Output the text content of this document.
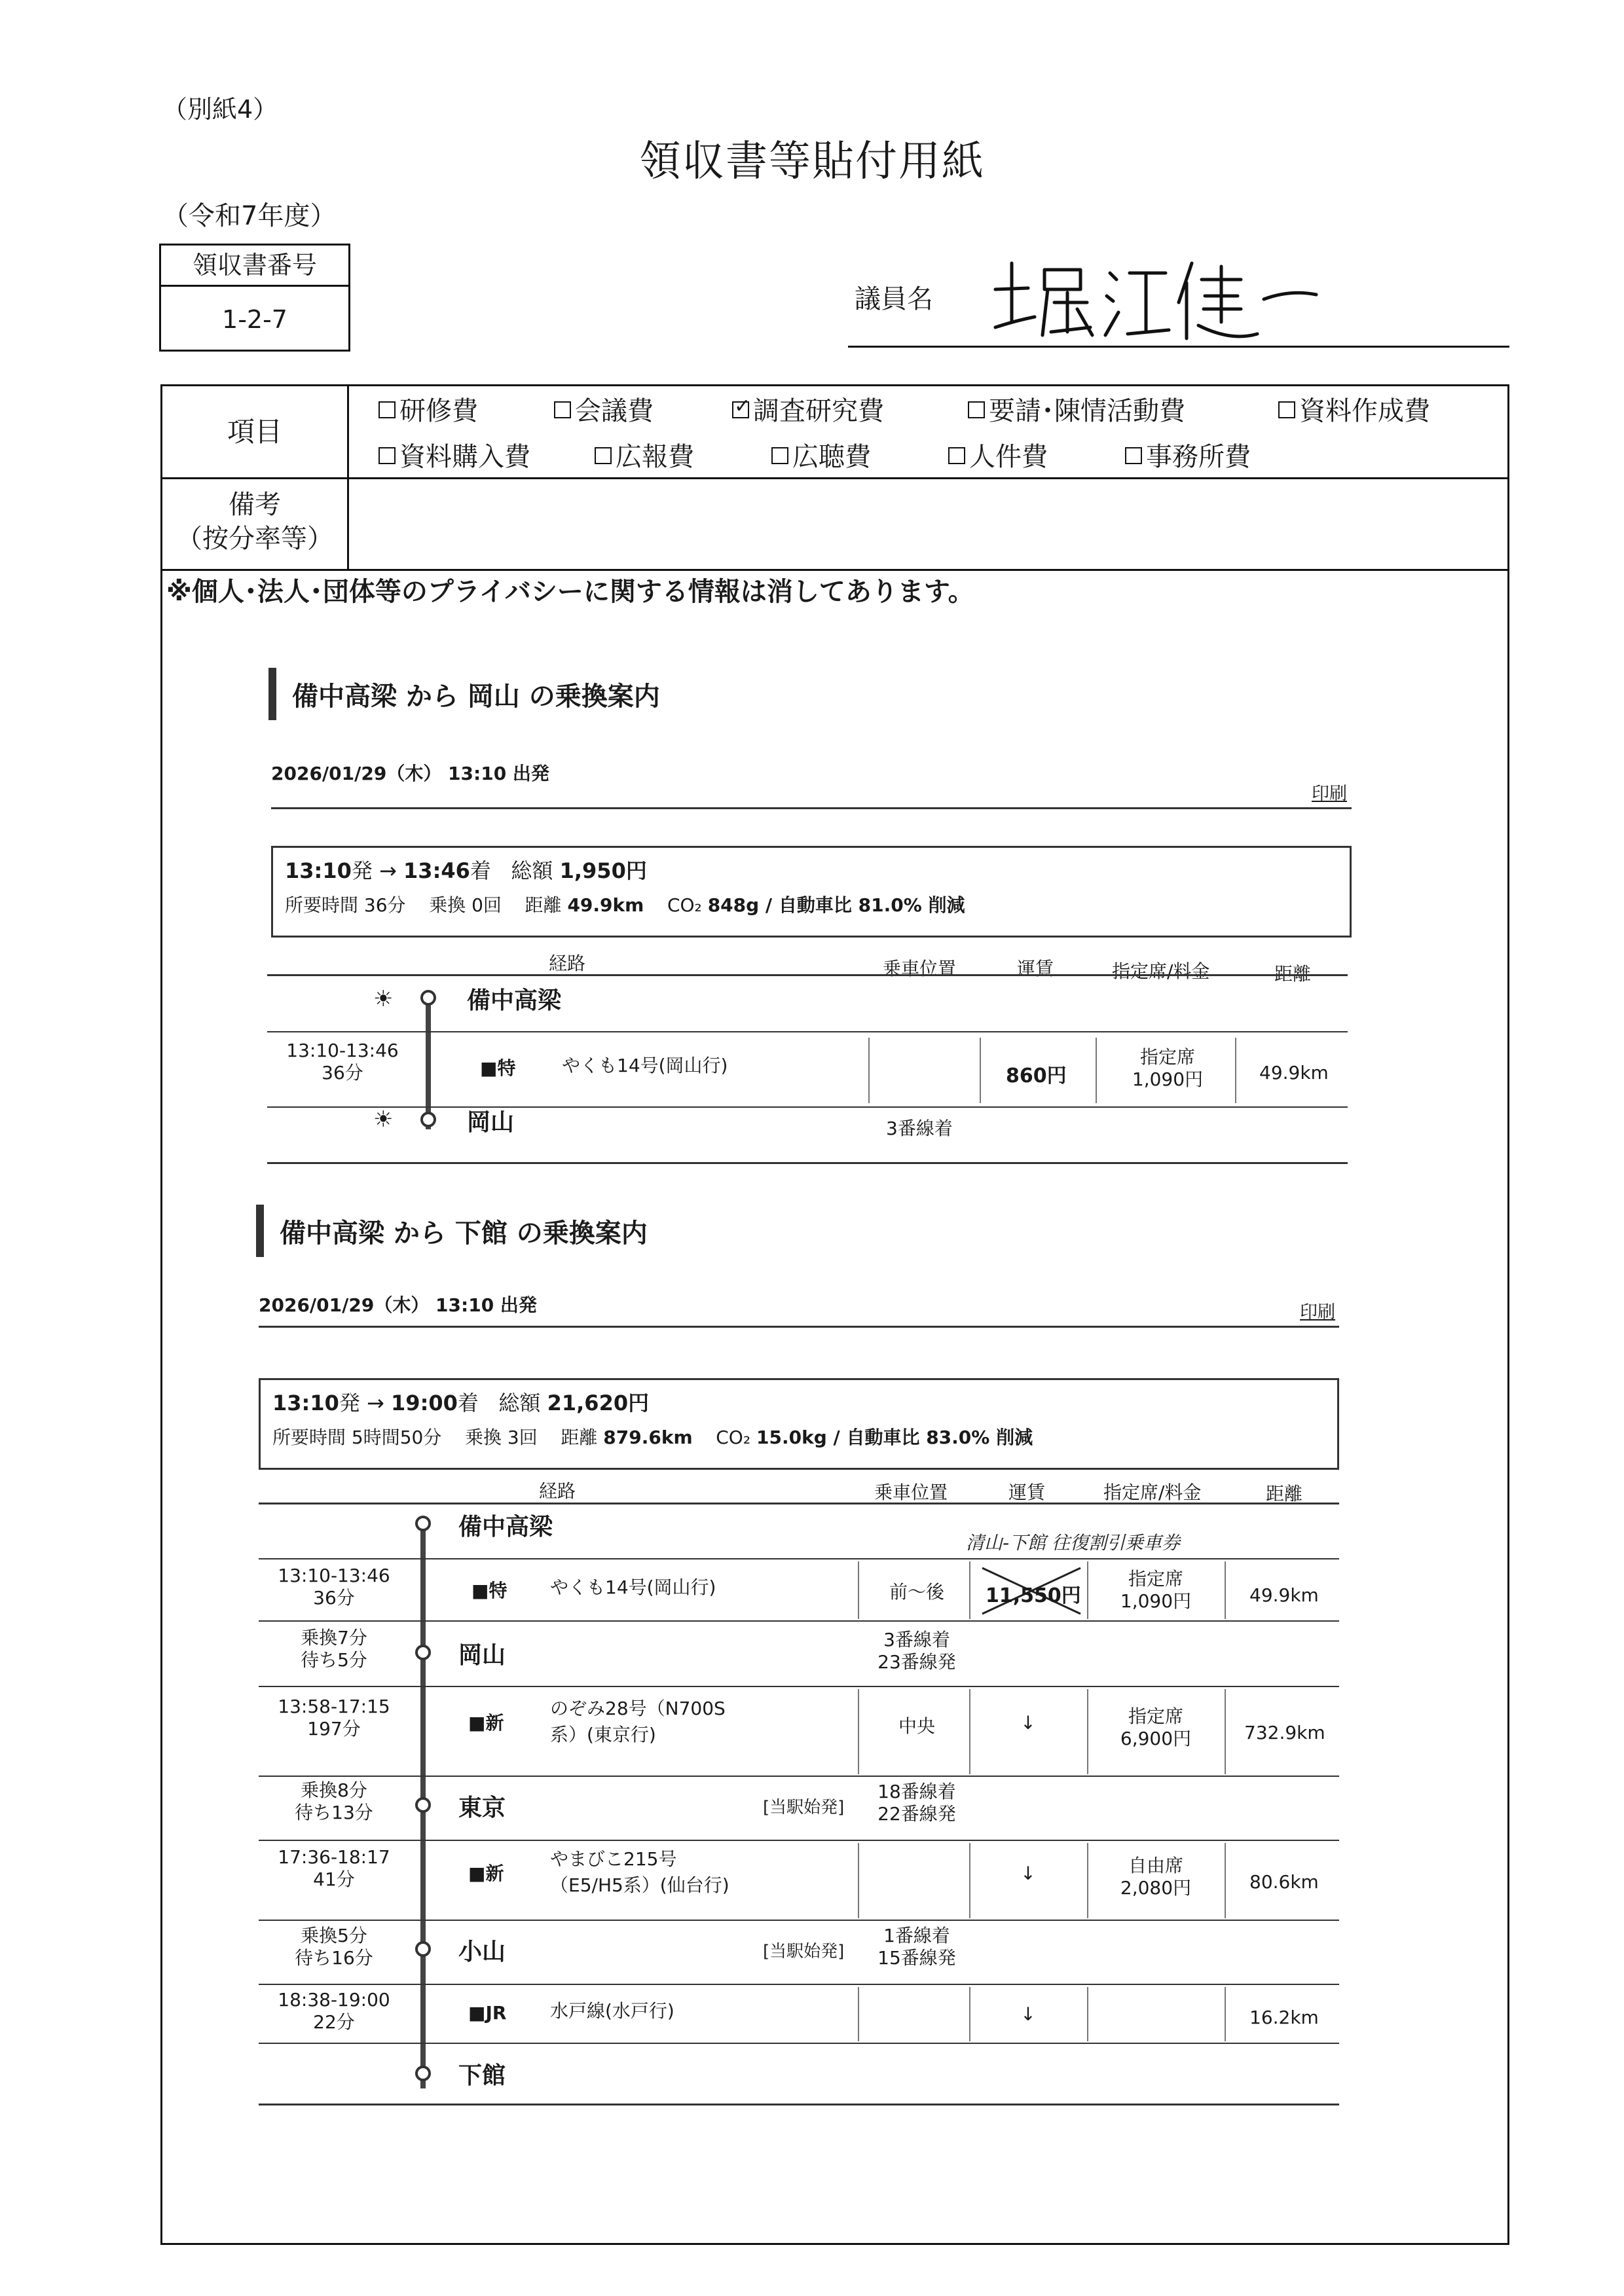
（別紙4）
領収書等貼付用紙
（令和7年度）
領収書番号
1-2-7
議員名
項目
備考
（按分率等）
研修費	会議費
✓	調査研究費	要請･陳情活動費	資料作成費
資料購入費	広報費	広聴費	人件費	事務所費
※個人･法人･団体等のプライバシーに関する情報は消してあります。
備中高梁 から 岡山 の乗換案内
2026/01/29（木） 13:10 出発
印刷
13:10発 → 13:46着 総額 1,950円
所要時間 36分 乗換 0回 距離 49.9km CO₂ 848g / 自動車比 81.0% 削減
経路	乗車位置	運賃	指定席/料金	距離
☀	備中高梁
13:10-13:46
36分	■特	やくも14号(岡山行)	860円
指定席
1,090円	49.9km
☀	岡山	3番線着
備中高梁 から 下館 の乗換案内
2026/01/29（木） 13:10 出発	印刷
13:10発 → 19:00着 総額 21,620円
所要時間 5時間50分 乗換 3回 距離 879.6km CO₂ 15.0kg / 自動車比 83.0% 削減
経路	乗車位置	運賃	指定席/料金	距離
備中高梁
清山-下館 往復割引乗車券
13:10-13:46
36分	■特 やくも14号(岡山行)	前～後	11,550円
指定席
1,090円	49.9km
乗換7分
待ち5分	岡山
3番線着
23番線発
13:58-17:15
197分	■新
のぞみ28号（N700S
系）(東京行)	中央	↓	指定席
6,900円	732.9km
乗換8分
待ち13分	東京	[当駅始発]
18番線着
22番線発
17:36-18:17
41分	■新
やまびこ215号
（E5/H5系）(仙台行)
↓	自由席
2,080円	80.6km
乗換5分
待ち16分	小山	[当駅始発]
1番線着
15番線発
18:38-19:00
22分	■JR 水戸線(水戸行)	↓	16.2km
下館
